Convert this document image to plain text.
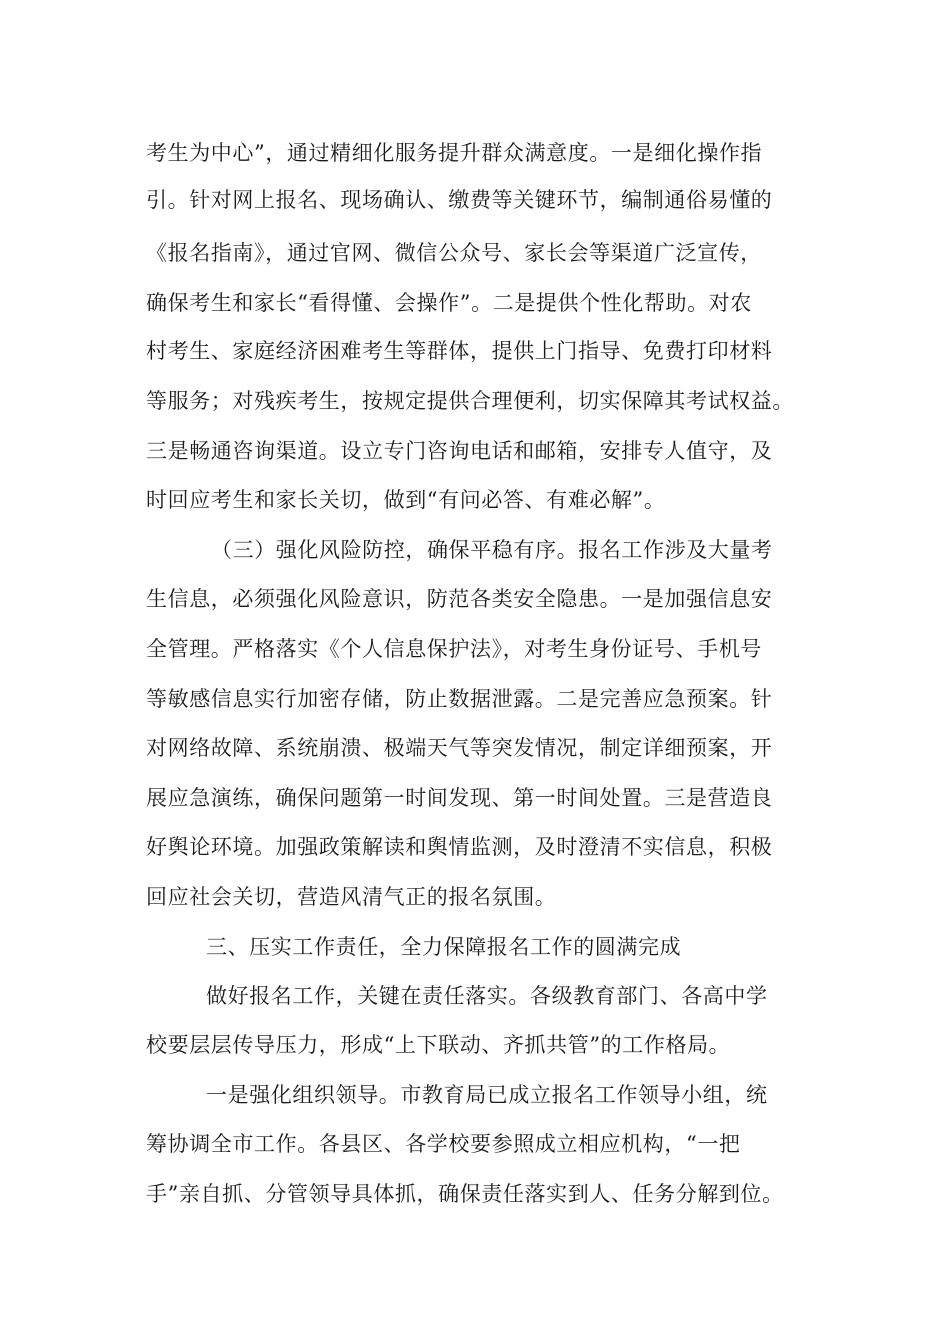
考生为中心”，通过精细化服务提升群众满意度。一是细化操作指
引。针对网上报名、现场确认、缴费等关键环节，编制通俗易懂的
《报名指南》，通过官网、微信公众号、家长会等渠道广泛宣传，
确保考生和家长“看得懂、会操作”。二是提供个性化帮助。对农
村考生、家庭经济困难考生等群体，提供上门指导、免费打印材料
等服务；对残疾考生，按规定提供合理便利，切实保障其考试权益。
三是畅通咨询渠道。设立专门咨询电话和邮箱，安排专人值守，及
时回应考生和家长关切，做到“有问必答、有难必解”。
（三）强化风险防控，确保平稳有序。报名工作涉及大量考
生信息，必须强化风险意识，防范各类安全隐患。一是加强信息安
全管理。严格落实《个人信息保护法》，对考生身份证号、手机号
等敏感信息实行加密存储，防止数据泄露。二是完善应急预案。针
对网络故障、系统崩溃、极端天气等突发情况，制定详细预案，开
展应急演练，确保问题第一时间发现、第一时间处置。三是营造良
好舆论环境。加强政策解读和舆情监测，及时澄清不实信息，积极
回应社会关切，营造风清气正的报名氛围。
三、压实工作责任，全力保障报名工作的圆满完成
做好报名工作，关键在责任落实。各级教育部门、各高中学
校要层层传导压力，形成“上下联动、齐抓共管”的工作格局。
一是强化组织领导。市教育局已成立报名工作领导小组，统
筹协调全市工作。各县区、各学校要参照成立相应机构，“一把
手”亲自抓、分管领导具体抓，确保责任落实到人、任务分解到位。
